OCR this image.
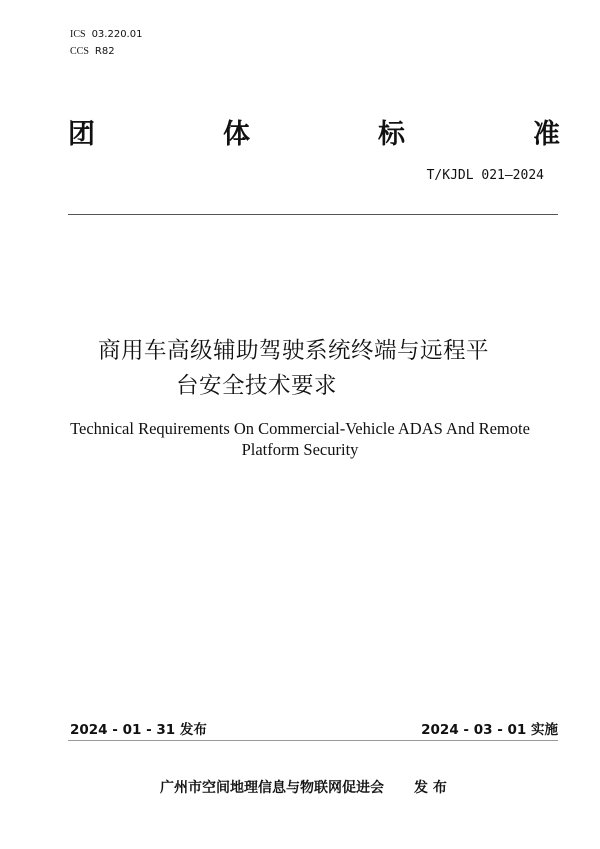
ICS 03.220.01
CCS R82
团	体	标	准
T/KJDL 021—2024
商用车高级辅助驾驶系统终端与远程平
台安全技术要求
Technical Requirements On Commercial-Vehicle ADAS And Remote
Platform Security
2024 - 01 - 31 发布	2024 - 03 - 01 实施
广州市空间地理信息与物联网促进会 发 布
